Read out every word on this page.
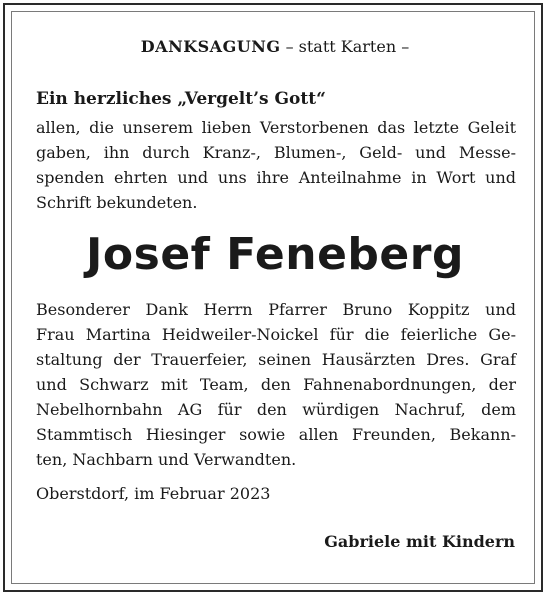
DANKSAGUNG – statt Karten –

Ein herzliches „Vergelt’s Gott“

allen, die unserem lieben Verstorbenen das letzte Geleit
gaben, ihn durch Kranz-, Blumen-, Geld- und Messe-
spenden ehrten und uns ihre Anteilnahme in Wort und
Schrift bekundeten.

Josef Feneberg

Besonderer Dank Herrn Pfarrer Bruno Koppitz und
Frau Martina Heidweiler-Noickel für die feierliche Ge-
staltung der Trauerfeier, seinen Hausärzten Dres. Graf
und Schwarz mit Team, den Fahnenabordnungen, der
Nebelhornbahn AG für den würdigen Nachruf, dem
Stammtisch Hiesinger sowie allen Freunden, Bekann-
ten, Nachbarn und Verwandten.

Oberstdorf, im Februar 2023

Gabriele mit Kindern
